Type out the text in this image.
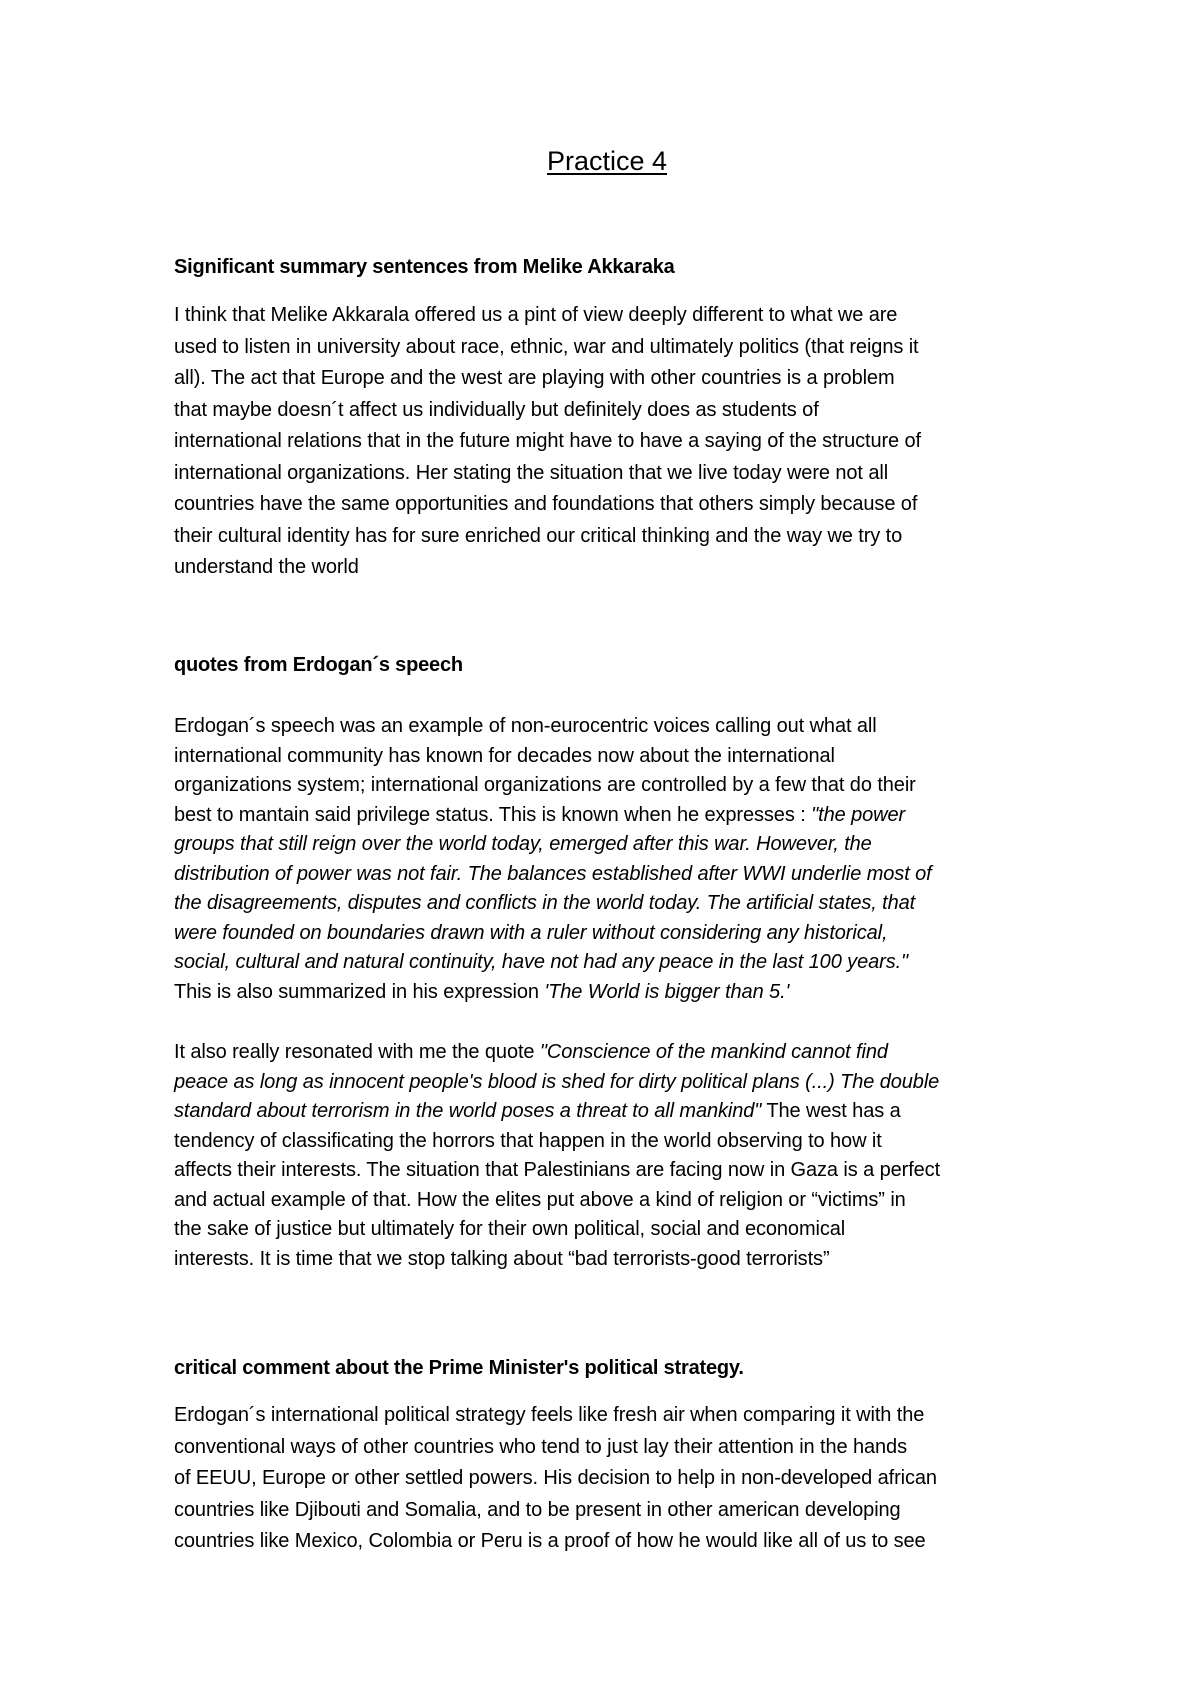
Practice 4
Significant summary sentences from Melike Akkaraka
I think that Melike Akkarala offered us a pint of view deeply different to what we are
used to listen in university about race, ethnic, war and ultimately politics (that reigns it
all). The act that Europe and the west are playing with other countries is a problem
that maybe doesn´t affect us individually but definitely does as students of
international relations that in the future might have to have a saying of the structure of
international organizations. Her stating the situation that we live today were not all
countries have the same opportunities and foundations that others simply because of
their cultural identity has for sure enriched our critical thinking and the way we try to
understand the world
quotes from Erdogan´s speech
Erdogan´s speech was an example of non-eurocentric voices calling out what all
international community has known for decades now about the international
organizations system; international organizations are controlled by a few that do their
best to mantain said privilege status. This is known when he expresses : "the power
groups that still reign over the world today, emerged after this war. However, the
distribution of power was not fair. The balances established after WWI underlie most of
the disagreements, disputes and conflicts in the world today. The artificial states, that
were founded on boundaries drawn with a ruler without considering any historical,
social, cultural and natural continuity, have not had any peace in the last 100 years."
This is also summarized in his expression 'The World is bigger than 5.'
It also really resonated with me the quote "Conscience of the mankind cannot find
peace as long as innocent people's blood is shed for dirty political plans (...) The double
standard about terrorism in the world poses a threat to all mankind" The west has a
tendency of classificating the horrors that happen in the world observing to how it
affects their interests. The situation that Palestinians are facing now in Gaza is a perfect
and actual example of that. How the elites put above a kind of religion or “victims” in
the sake of justice but ultimately for their own political, social and economical
interests. It is time that we stop talking about “bad terrorists-good terrorists”
critical comment about the Prime Minister's political strategy.
Erdogan´s international political strategy feels like fresh air when comparing it with the
conventional ways of other countries who tend to just lay their attention in the hands
of EEUU, Europe or other settled powers. His decision to help in non-developed african
countries like Djibouti and Somalia, and to be present in other american developing
countries like Mexico, Colombia or Peru is a proof of how he would like all of us to see
